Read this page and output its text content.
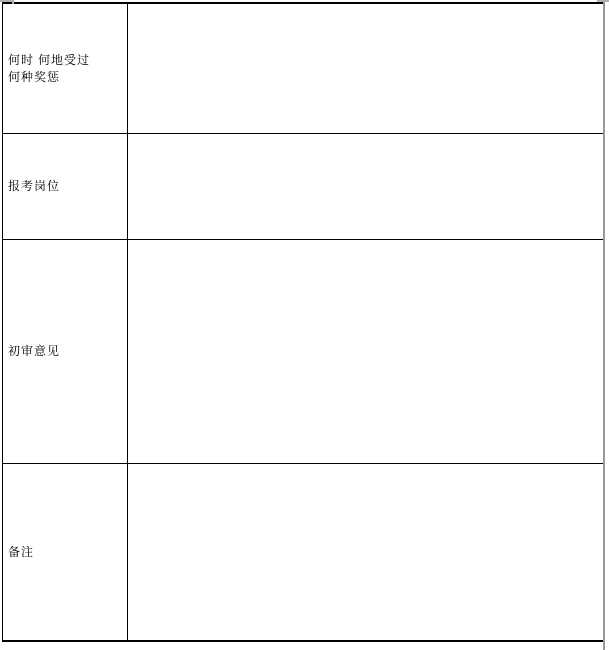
何时 何地受过
何种奖惩
报考岗位
初审意见
备注
